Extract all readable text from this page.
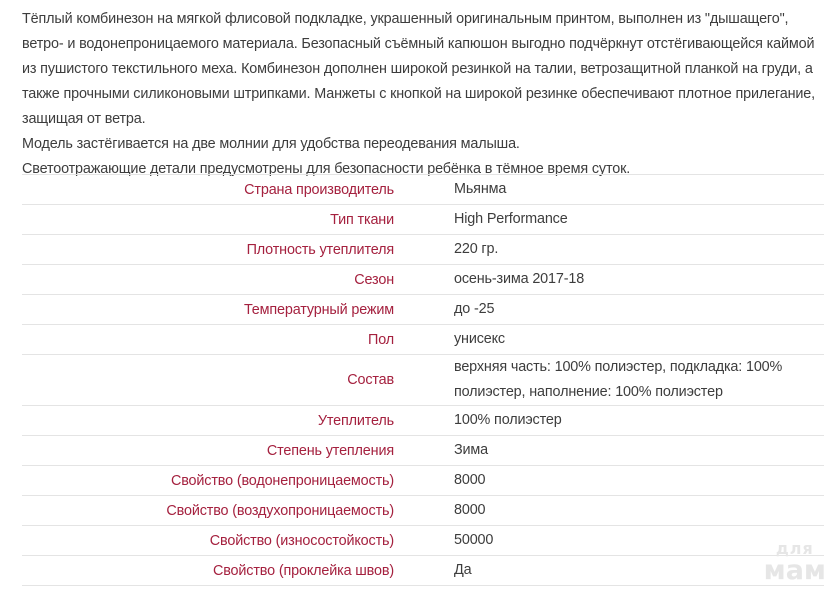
Тёплый комбинезон на мягкой флисовой подкладке, украшенный оригинальным принтом, выполнен из "дышащего", ветро- и водонепроницаемого материала. Безопасный съёмный капюшон выгодно подчёркнут отстёгивающейся каймой из пушистого текстильного меха. Комбинезон дополнен широкой резинкой на талии, ветрозащитной планкой на груди, а также прочными силиконовыми штрипками. Манжеты с кнопкой на широкой резинке обеспечивают плотное прилегание, защищая от ветра.

Модель застёгивается на две молнии для удобства переодевания малыша.

Светоотражающие детали предусмотрены для безопасности ребёнка в тёмное время суток.

Страна производитель	Мьянма
Тип ткани	High Performance
Плотность утеплителя	220 гр.
Сезон	осень-зима 2017-18
Температурный режим	до -25
Пол	унисекс
Состав	верхняя часть: 100% полиэстер, подкладка: 100% полиэстер, наполнение: 100% полиэстер
Утеплитель	100% полиэстер
Степень утепления	Зима
Свойство (водонепроницаемость)	8000
Свойство (воздухопроницаемость)	8000
Свойство (износостойкость)	50000
Свойство (проклейка швов)	Да
для
мам
